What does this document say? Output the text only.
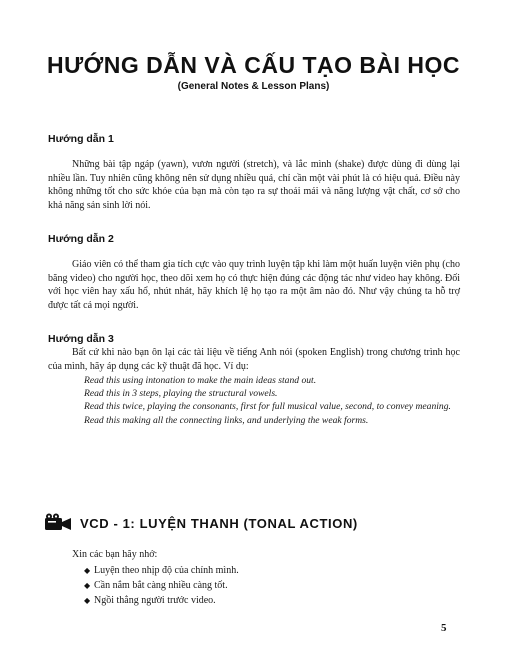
HƯỚNG DẪN VÀ CẤU TẠO BÀI HỌC
(General Notes & Lesson Plans)
Hướng dẫn 1

Những bài tập ngáp (yawn), vươn người (stretch), và lắc mình (shake) được dùng đi dùng lại nhiều lần. Tuy nhiên cũng không nên sử dụng nhiều quá, chỉ cần một vài phút là có hiệu quả. Điều này không những tốt cho sức khỏe của bạn mà còn tạo ra sự thoải mái và năng lượng vật chất, cơ sở cho khả năng sản sinh lời nói.

Hướng dẫn 2

Giáo viên có thể tham gia tích cực vào quy trình luyện tập khi làm một huấn luyện viên phụ (cho băng video) cho người học, theo dõi xem họ có thực hiện đúng các động tác như video hay không. Đối với học viên hay xấu hổ, nhút nhát, hãy khích lệ họ tạo ra một âm nào đó. Như vậy chúng ta hỗ trợ được tất cả mọi người.

Hướng dẫn 3

Bất cứ khi nào bạn ôn lại các tài liệu về tiếng Anh nói (spoken English) trong chương trình học của mình, hãy áp dụng các kỹ thuật đã học. Ví dụ:

Read this using intonation to make the main ideas stand out.
Read this in 3 steps, playing the structural vowels.
Read this twice, playing the consonants, first for full musical value, second, to convey meaning.
Read this making all the connecting links, and underlying the weak forms.
VCD - 1: LUYỆN THANH (TONAL ACTION)
Xin các bạn hãy nhớ:
◆ Luyện theo nhịp độ của chính mình.
◆ Cần nắm bắt càng nhiều càng tốt.
◆ Ngồi thẳng người trước video.
5
